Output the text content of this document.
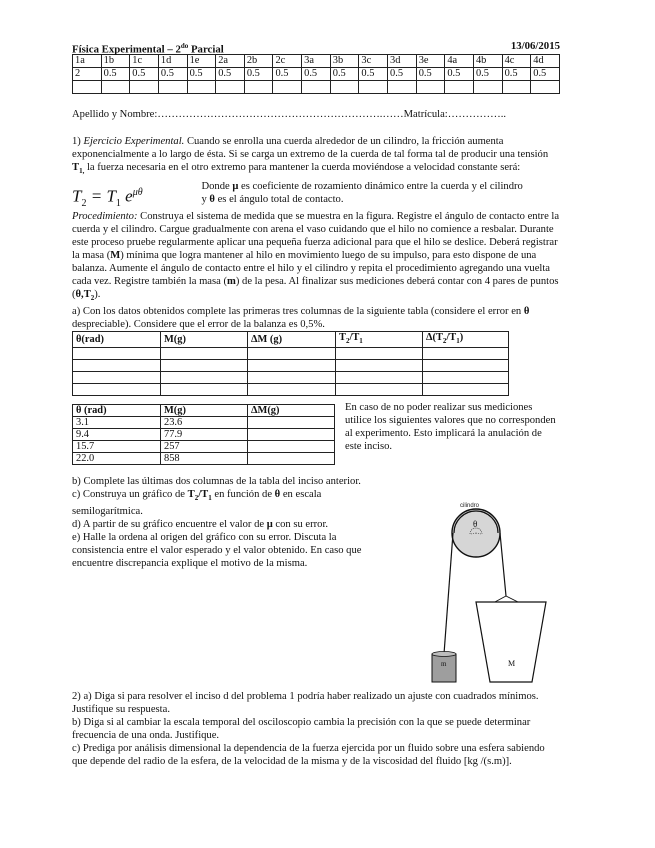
Física Experimental – $2^{do}$ Parcial	13/06/2015
1a	1b	1c	1d	1e	2a	2b	2c	3a	3b	3c	3d	3e	4a	4b	4c	4d
2	0.5	0.5	0.5	0.5	0.5	0.5	0.5	0.5	0.5	0.5	0.5	0.5	0.5	0.5	0.5	0.5

Apellido y Nombre:……………………………………………………….……Matrícula:……………..

1) Ejercicio Experimental. Cuando se enrolla una cuerda alrededor de un cilindro, la fricción aumenta exponencialmente a lo largo de ésta. Si se carga un extremo de la cuerda de tal forma tal de producir una tensión $T_{1,}$ la fuerza necesaria en el otro extremo para mantener la cuerda moviéndose a velocidad constante será:

$T_2 = T_1$ $e^{\mu\theta}$
Donde μ es coeficiente de rozamiento dinámico entre la cuerda y el cilindro
y θ es el ángulo total de contacto.

Procedimiento: Construya el sistema de medida que se muestra en la figura. Registre el ángulo de contacto entre la cuerda y el cilindro. Cargue gradualmente con arena el vaso cuidando que el hilo no comience a resbalar. Durante este proceso pruebe regularmente aplicar una pequeña fuerza adicional para que el hilo se deslice. Deberá registrar la masa (M) mínima que logra mantener al hilo en movimiento luego de su impulso, para esto dispone de una balanza. Aumente el ángulo de contacto entre el hilo y el cilindro y repita el procedimiento agregando una vuelta cada vez. Registre también la masa (m) de la pesa. Al finalizar sus mediciones deberá contar con 4 pares de puntos $(\theta,T_2)$.

a) Con los datos obtenidos complete las primeras tres columnas de la siguiente tabla (considere el error en θ despreciable). Considere que el error de la balanza es 0,5%.

θ(rad)	M(g)	ΔM (g)	$T_2/T_1$	$\Delta(T_2/T_1)$

θ (rad)	M(g)	ΔM(g)
3.1	23.6	
9.4	77.9	
15.7	257	
22.0	858	

En caso de no poder realizar sus mediciones utilice los siguientes valores que no corresponden al experimento. Esto implicará la anulación de este inciso.

b) Complete las últimas dos columnas de la tabla del inciso anterior.

c) Construya un gráfico de $T_2/T_1$ en función de θ en escala semilogarítmica.

d) A partir de su gráfico encuentre el valor de μ con su error.

e) Halle la ordena al origen del gráfico con su error. Discuta la consistencia entre el valor esperado y el valor obtenido. En caso que encuentre discrepancia explique el motivo de la misma.

cilindro
θ
m	M

2) a) Diga si para resolver el inciso d del problema 1 podría haber realizado un ajuste con cuadrados mínimos. Justifique su respuesta.

b) Diga si al cambiar la escala temporal del osciloscopio cambia la precisión con la que se puede determinar frecuencia de una onda. Justifique.

c) Prediga por análisis dimensional la dependencia de la fuerza ejercida por un fluido sobre una esfera sabiendo que depende del radio de la esfera, de la velocidad de la misma y de la viscosidad del fluido [kg /(s.m)].
